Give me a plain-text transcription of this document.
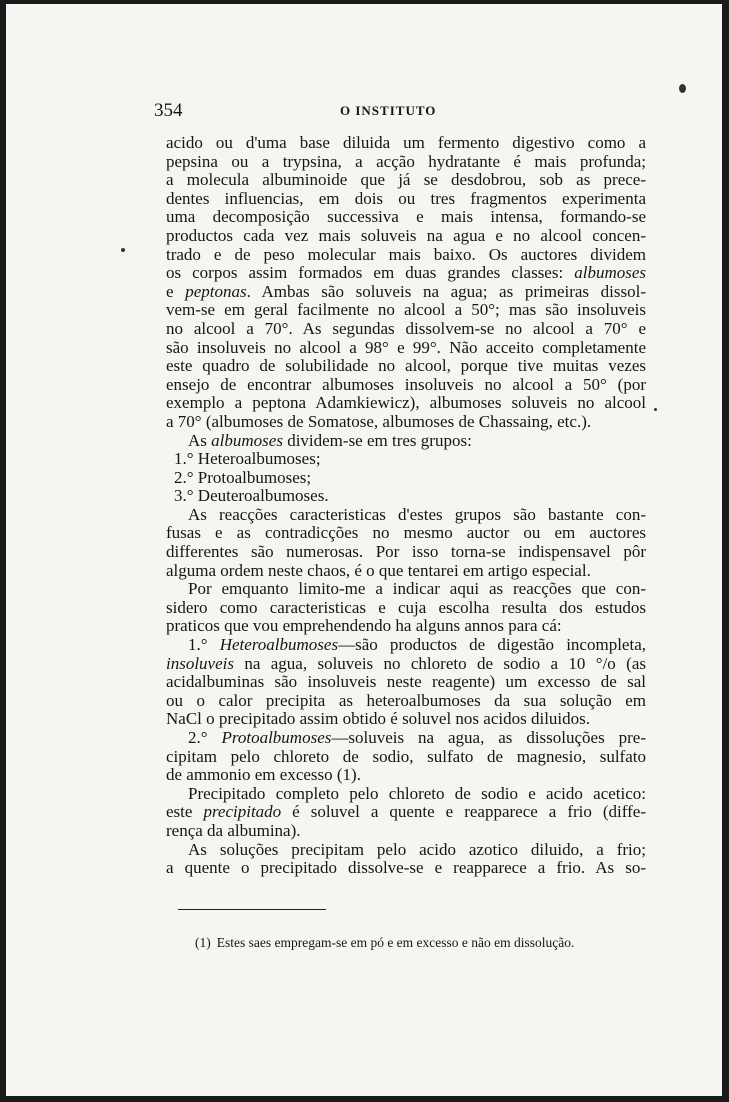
354	O INSTITUTO
acido ou d'uma base diluida um fermento digestivo como a
pepsina ou a trypsina, a acção hydratante é mais profunda;
a molecula albuminoide que já se desdobrou, sob as prece-
dentes influencias, em dois ou tres fragmentos experimenta
uma decomposição successiva e mais intensa, formando-se
productos cada vez mais soluveis na agua e no alcool concen-
trado e de peso molecular mais baixo. Os auctores dividem
os corpos assim formados em duas grandes classes: albumoses
e peptonas. Ambas são soluveis na agua; as primeiras dissol-
vem-se em geral facilmente no alcool a 50°; mas são insoluveis
no alcool a 70°. As segundas dissolvem-se no alcool a 70° e
são insoluveis no alcool a 98° e 99°. Não acceito completamente
este quadro de solubilidade no alcool, porque tive muitas vezes
ensejo de encontrar albumoses insoluveis no alcool a 50° (por
exemplo a peptona Adamkiewicz), albumoses soluveis no alcool
a 70° (albumoses de Somatose, albumoses de Chassaing, etc.).
As albumoses dividem-se em tres grupos:
1.° Heteroalbumoses;
2.° Protoalbumoses;
3.° Deuteroalbumoses.
As reacções caracteristicas d'estes grupos são bastante con-
fusas e as contradicções no mesmo auctor ou em auctores
differentes são numerosas. Por isso torna-se indispensavel pôr
alguma ordem neste chaos, é o que tentarei em artigo especial.
Por emquanto limito-me a indicar aqui as reacções que con-
sidero como caracteristicas e cuja escolha resulta dos estudos
praticos que vou emprehendendo ha alguns annos para cá:
1.° Heteroalbumoses—são productos de digestão incompleta,
insoluveis na agua, soluveis no chloreto de sodio a 10 °/o (as
acidalbuminas são insoluveis neste reagente) um excesso de sal
ou o calor precipita as heteroalbumoses da sua solução em
NaCl o precipitado assim obtido é soluvel nos acidos diluidos.
2.° Protoalbumoses—soluveis na agua, as dissoluções pre-
cipitam pelo chloreto de sodio, sulfato de magnesio, sulfato
de ammonio em excesso (1).
Precipitado completo pelo chloreto de sodio e acido acetico:
este precipitado é soluvel a quente e reapparece a frio (diffe-
rença da albumina).
As soluções precipitam pelo acido azotico diluido, a frio;
a quente o precipitado dissolve-se e reapparece a frio. As so-
(1) Estes saes empregam-se em pó e em excesso e não em dissolução.
